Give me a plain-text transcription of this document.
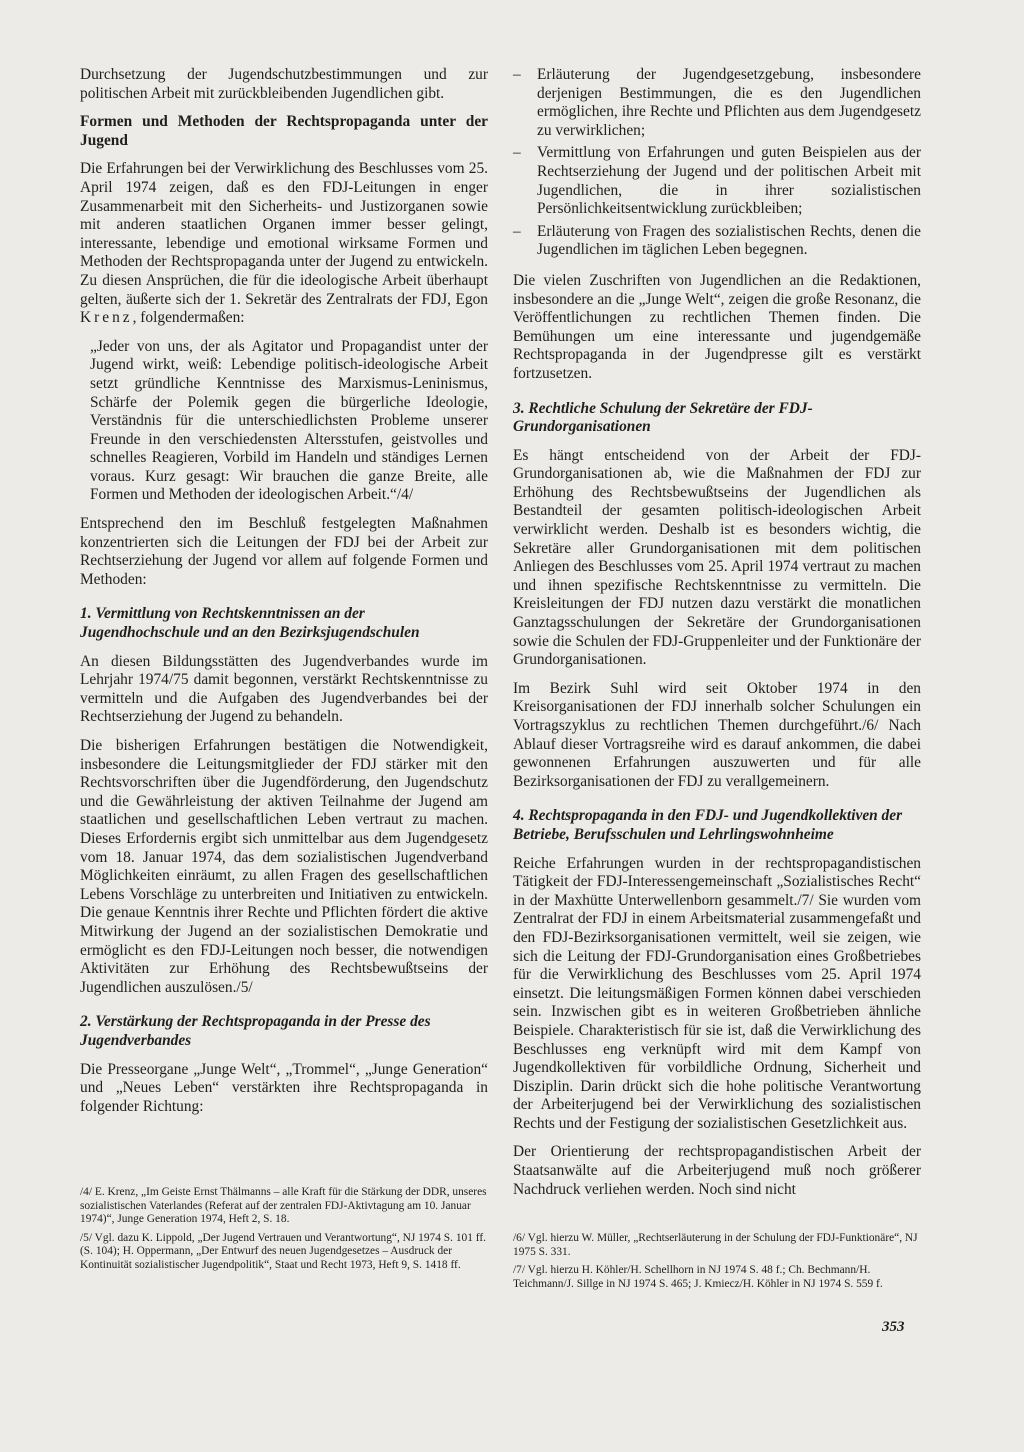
Durchsetzung der Jugendschutzbestimmungen und zur politischen Arbeit mit zurückbleibenden Jugendlichen gibt.

Formen und Methoden der Rechtspropaganda unter der Jugend

Die Erfahrungen bei der Verwirklichung des Beschlusses vom 25. April 1974 zeigen, daß es den FDJ-Leitungen in enger Zusammenarbeit mit den Sicherheits- und Justizorganen sowie mit anderen staatlichen Organen immer besser gelingt, interessante, lebendige und emotional wirksame Formen und Methoden der Rechtspropaganda unter der Jugend zu entwickeln. Zu diesen Ansprüchen, die für die ideologische Arbeit überhaupt gelten, äußerte sich der 1. Sekretär des Zentralrats der FDJ, Egon Krenz, folgendermaßen:

„Jeder von uns, der als Agitator und Propagandist unter der Jugend wirkt, weiß: Lebendige politisch-ideologische Arbeit setzt gründliche Kenntnisse des Marxismus-Leninismus, Schärfe der Polemik gegen die bürgerliche Ideologie, Verständnis für die unterschiedlichsten Probleme unserer Freunde in den verschiedensten Altersstufen, geistvolles und schnelles Reagieren, Vorbild im Handeln und ständiges Lernen voraus. Kurz gesagt: Wir brauchen die ganze Breite, alle Formen und Methoden der ideologischen Arbeit.“/4/

Entsprechend den im Beschluß festgelegten Maßnahmen konzentrierten sich die Leitungen der FDJ bei der Arbeit zur Rechtserziehung der Jugend vor allem auf folgende Formen und Methoden:

1. Vermittlung von Rechtskenntnissen an der Jugendhochschule und an den Bezirksjugendschulen

An diesen Bildungsstätten des Jugendverbandes wurde im Lehrjahr 1974/75 damit begonnen, verstärkt Rechtskenntnisse zu vermitteln und die Aufgaben des Jugendverbandes bei der Rechtserziehung der Jugend zu behandeln.

Die bisherigen Erfahrungen bestätigen die Notwendigkeit, insbesondere die Leitungsmitglieder der FDJ stärker mit den Rechtsvorschriften über die Jugendförderung, den Jugendschutz und die Gewährleistung der aktiven Teilnahme der Jugend am staatlichen und gesellschaftlichen Leben vertraut zu machen. Dieses Erfordernis ergibt sich unmittelbar aus dem Jugendgesetz vom 18. Januar 1974, das dem sozialistischen Jugendverband Möglichkeiten einräumt, zu allen Fragen des gesellschaftlichen Lebens Vorschläge zu unterbreiten und Initiativen zu entwickeln. Die genaue Kenntnis ihrer Rechte und Pflichten fördert die aktive Mitwirkung der Jugend an der sozialistischen Demokratie und ermöglicht es den FDJ-Leitungen noch besser, die notwendigen Aktivitäten zur Erhöhung des Rechtsbewußtseins der Jugendlichen auszulösen./5/

2. Verstärkung der Rechtspropaganda in der Presse des Jugendverbandes

Die Presseorgane „Junge Welt“, „Trommel“, „Junge Generation“ und „Neues Leben“ verstärkten ihre Rechtspropaganda in folgender Richtung:

– Erläuterung der Jugendgesetzgebung, insbesondere derjenigen Bestimmungen, die es den Jugendlichen ermöglichen, ihre Rechte und Pflichten aus dem Jugendgesetz zu verwirklichen;
– Vermittlung von Erfahrungen und guten Beispielen aus der Rechtserziehung der Jugend und der politischen Arbeit mit Jugendlichen, die in ihrer sozialistischen Persönlichkeitsentwicklung zurückbleiben;
– Erläuterung von Fragen des sozialistischen Rechts, denen die Jugendlichen im täglichen Leben begegnen.

Die vielen Zuschriften von Jugendlichen an die Redaktionen, insbesondere an die „Junge Welt“, zeigen die große Resonanz, die Veröffentlichungen zu rechtlichen Themen finden. Die Bemühungen um eine interessante und jugendgemäße Rechtspropaganda in der Jugendpresse gilt es verstärkt fortzusetzen.

3. Rechtliche Schulung der Sekretäre der FDJ-Grundorganisationen

Es hängt entscheidend von der Arbeit der FDJ-Grundorganisationen ab, wie die Maßnahmen der FDJ zur Erhöhung des Rechtsbewußtseins der Jugendlichen als Bestandteil der gesamten politisch-ideologischen Arbeit verwirklicht werden. Deshalb ist es besonders wichtig, die Sekretäre aller Grundorganisationen mit dem politischen Anliegen des Beschlusses vom 25. April 1974 vertraut zu machen und ihnen spezifische Rechtskenntnisse zu vermitteln. Die Kreisleitungen der FDJ nutzen dazu verstärkt die monatlichen Ganztagsschulungen der Sekretäre der Grundorganisationen sowie die Schulen der FDJ-Gruppenleiter und der Funktionäre der Grundorganisationen.

Im Bezirk Suhl wird seit Oktober 1974 in den Kreisorganisationen der FDJ innerhalb solcher Schulungen ein Vortragszyklus zu rechtlichen Themen durchgeführt./6/ Nach Ablauf dieser Vortragsreihe wird es darauf ankommen, die dabei gewonnenen Erfahrungen auszuwerten und für alle Bezirksorganisationen der FDJ zu verallgemeinern.

4. Rechtspropaganda in den FDJ- und Jugendkollektiven der Betriebe, Berufsschulen und Lehrlingswohnheime

Reiche Erfahrungen wurden in der rechtspropagandistischen Tätigkeit der FDJ-Interessengemeinschaft „Sozialistisches Recht“ in der Maxhütte Unterwellenborn gesammelt./7/ Sie wurden vom Zentralrat der FDJ in einem Arbeitsmaterial zusammengefaßt und den FDJ-Bezirksorganisationen vermittelt, weil sie zeigen, wie sich die Leitung der FDJ-Grundorganisation eines Großbetriebes für die Verwirklichung des Beschlusses vom 25. April 1974 einsetzt. Die leitungsmäßigen Formen können dabei verschieden sein. Inzwischen gibt es in weiteren Großbetrieben ähnliche Beispiele. Charakteristisch für sie ist, daß die Verwirklichung des Beschlusses eng verknüpft wird mit dem Kampf von Jugendkollektiven für vorbildliche Ordnung, Sicherheit und Disziplin. Darin drückt sich die hohe politische Verantwortung der Arbeiterjugend bei der Verwirklichung des sozialistischen Rechts und der Festigung der sozialistischen Gesetzlichkeit aus.

Der Orientierung der rechtspropagandistischen Arbeit der Staatsanwälte auf die Arbeiterjugend muß noch größerer Nachdruck verliehen werden. Noch sind nicht

/4/ E. Krenz, „Im Geiste Ernst Thälmanns – alle Kraft für die Stärkung der DDR, unseres sozialistischen Vaterlandes (Referat auf der zentralen FDJ-Aktivtagung am 10. Januar 1974)“, Junge Generation 1974, Heft 2, S. 18.

/5/ Vgl. dazu K. Lippold, „Der Jugend Vertrauen und Verantwortung“, NJ 1974 S. 101 ff. (S. 104); H. Oppermann, „Der Entwurf des neuen Jugendgesetzes – Ausdruck der Kontinuität sozialistischer Jugendpolitik“, Staat und Recht 1973, Heft 9, S. 1418 ff.

/6/ Vgl. hierzu W. Müller, „Rechtserläuterung in der Schulung der FDJ-Funktionäre“, NJ 1975 S. 331.

/7/ Vgl. hierzu H. Köhler/H. Schellhorn in NJ 1974 S. 48 f.; Ch. Bechmann/H. Teichmann/J. Sillge in NJ 1974 S. 465; J. Kmiecz/H. Köhler in NJ 1974 S. 559 f.

353
